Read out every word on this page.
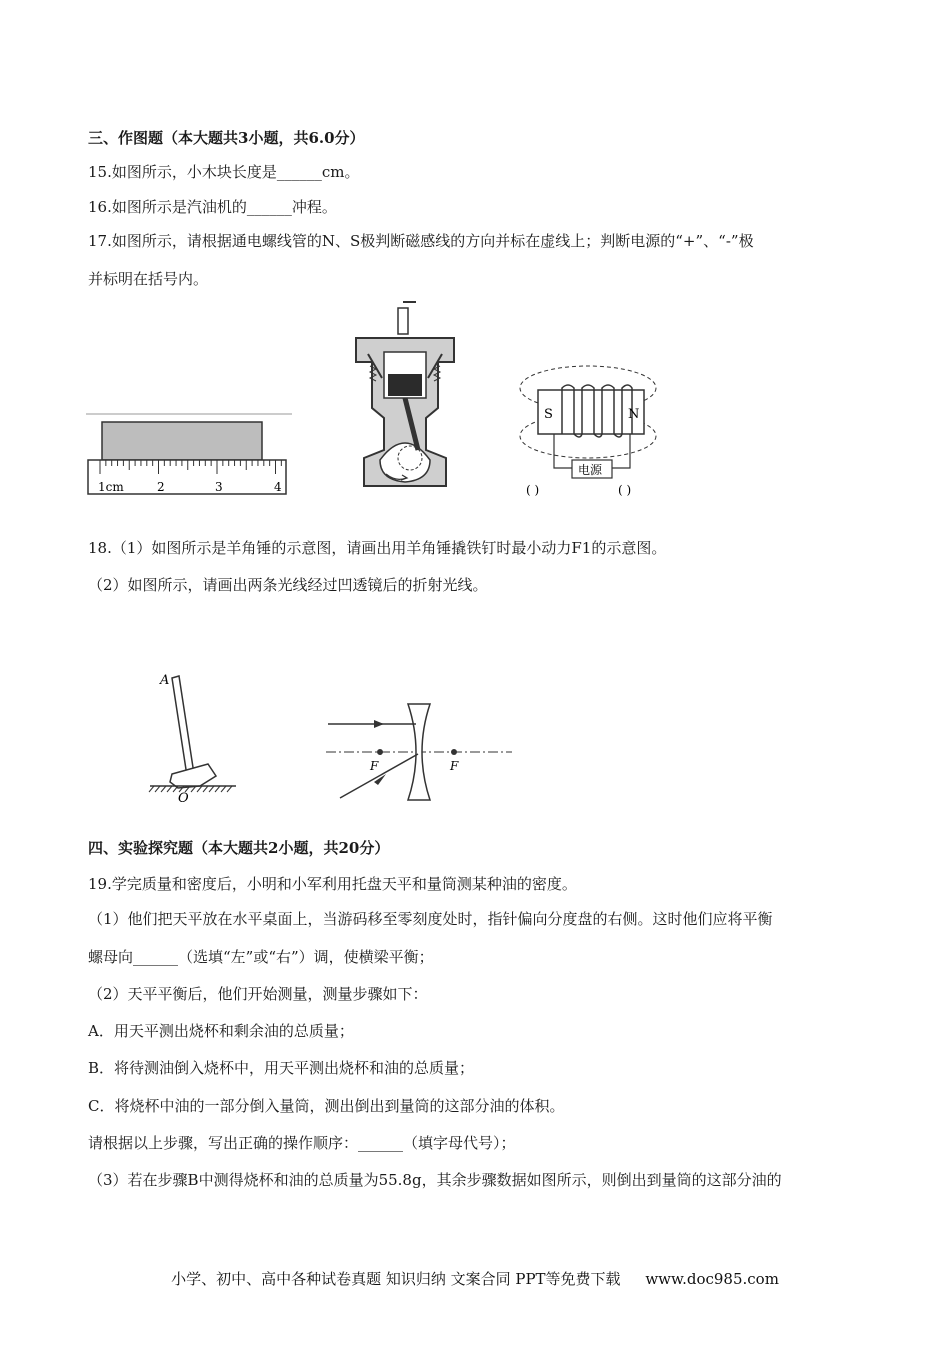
三、作图题（本大题共3小题，共6.0分）
15.如图所示，小木块长度是______cm。
16.如图所示是汽油机的______冲程。
17.如图所示，请根据通电螺线管的N、S极判断磁感线的方向并标在虚线上；判断电源的“+”、“-”极
并标明在括号内。
1cm	2	3	4
S	N
电源
( )	( )
18.（1）如图所示是羊角锤的示意图，请画出用羊角锤撬铁钉时最小动力F1的示意图。
（2）如图所示，请画出两条光线经过凹透镜后的折射光线。
A
O
F	F
四、实验探究题（本大题共2小题，共20分）
19.学完质量和密度后，小明和小军利用托盘天平和量筒测某种油的密度。
（1）他们把天平放在水平桌面上，当游码移至零刻度处时，指针偏向分度盘的右侧。这时他们应将平衡
螺母向______（选填“左”或“右”）调，使横梁平衡；
（2）天平平衡后，他们开始测量，测量步骤如下：
A．用天平测出烧杯和剩余油的总质量；
B．将待测油倒入烧杯中，用天平测出烧杯和油的总质量；
C．将烧杯中油的一部分倒入量筒，测出倒出到量筒的这部分油的体积。
请根据以上步骤，写出正确的操作顺序：______（填字母代号）；
（3）若在步骤B中测得烧杯和油的总质量为55.8g，其余步骤数据如图所示，则倒出到量筒的这部分油的
小学、初中、高中各种试卷真题 知识归纳 文案合同 PPT等免费下载 www.doc985.com
